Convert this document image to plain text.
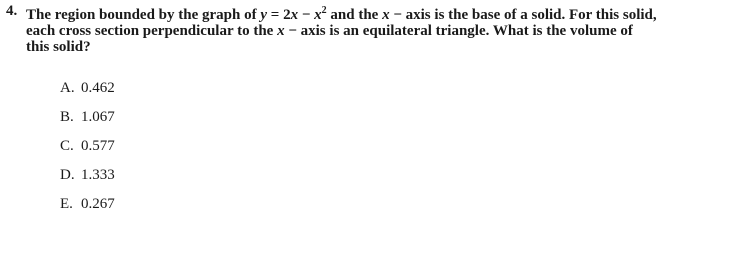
4. The region bounded by the graph of $y = 2x - x^2$ and the x − axis is the base of a solid. For this solid,
each cross section perpendicular to the x − axis is an equilateral triangle. What is the volume of
this solid?
A. 0.462
B. 1.067
C. 0.577
D. 1.333
E. 0.267
